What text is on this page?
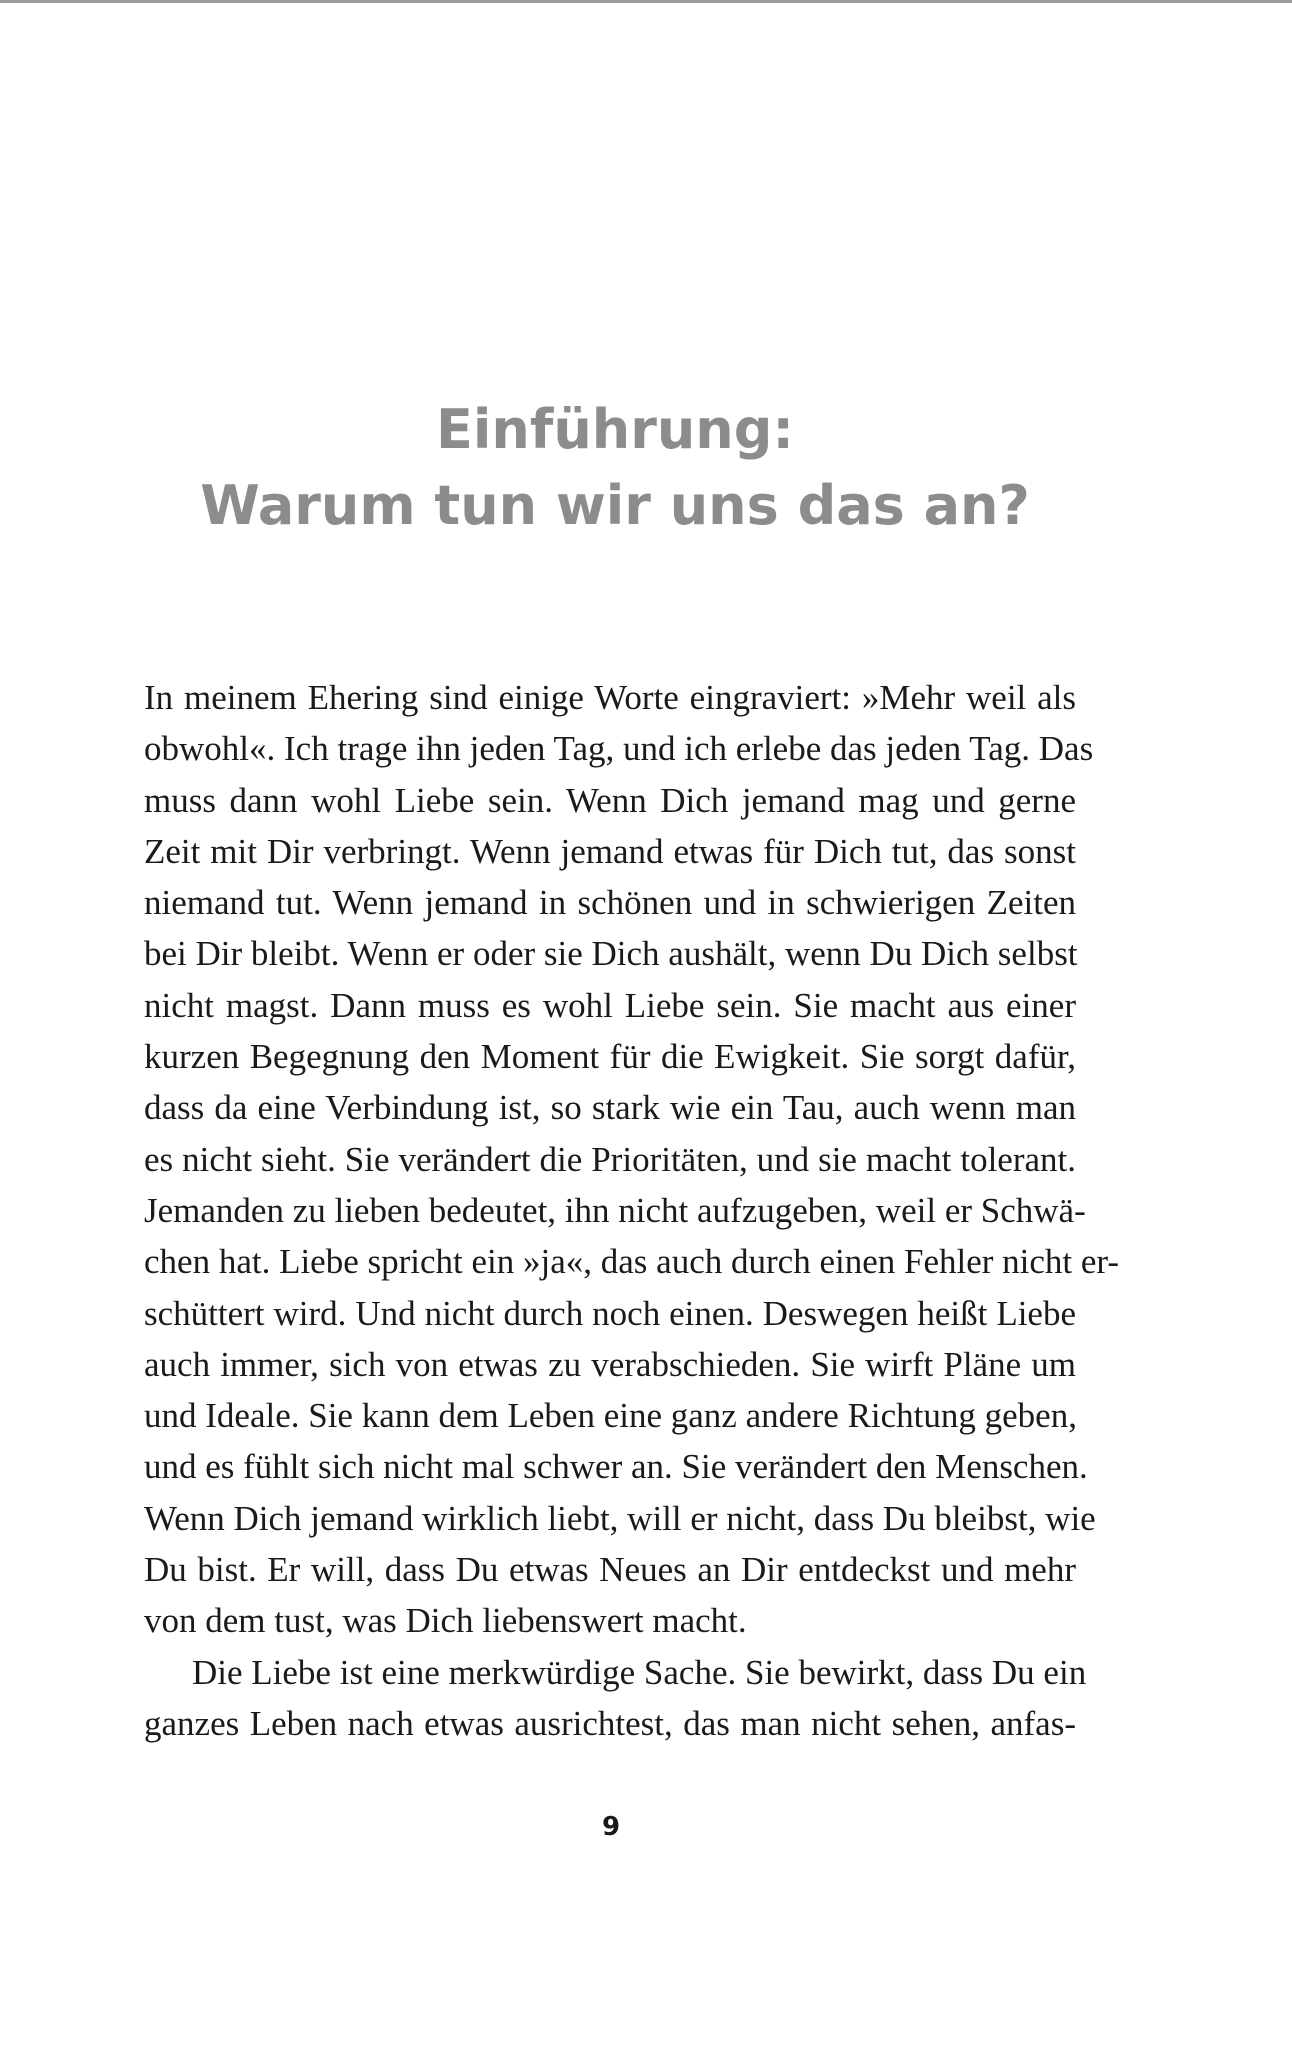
Einführung:
Warum tun wir uns das an?
In meinem Ehering sind einige Worte eingraviert: »Mehr weil als
obwohl«. Ich trage ihn jeden Tag, und ich erlebe das jeden Tag. Das
muss dann wohl Liebe sein. Wenn Dich jemand mag und gerne
Zeit mit Dir verbringt. Wenn jemand etwas für Dich tut, das sonst
niemand tut. Wenn jemand in schönen und in schwierigen Zeiten
bei Dir bleibt. Wenn er oder sie Dich aushält, wenn Du Dich selbst
nicht magst. Dann muss es wohl Liebe sein. Sie macht aus einer
kurzen Begegnung den Moment für die Ewigkeit. Sie sorgt dafür,
dass da eine Verbindung ist, so stark wie ein Tau, auch wenn man
es nicht sieht. Sie verändert die Prioritäten, und sie macht tolerant.
Jemanden zu lieben bedeutet, ihn nicht aufzugeben, weil er Schwä-
chen hat. Liebe spricht ein »ja«, das auch durch einen Fehler nicht er-
schüttert wird. Und nicht durch noch einen. Deswegen heißt Liebe
auch immer, sich von etwas zu verabschieden. Sie wirft Pläne um
und Ideale. Sie kann dem Leben eine ganz andere Richtung geben,
und es fühlt sich nicht mal schwer an. Sie verändert den Menschen.
Wenn Dich jemand wirklich liebt, will er nicht, dass Du bleibst, wie
Du bist. Er will, dass Du etwas Neues an Dir entdeckst und mehr
von dem tust, was Dich liebenswert macht.
Die Liebe ist eine merkwürdige Sache. Sie bewirkt, dass Du ein
ganzes Leben nach etwas ausrichtest, das man nicht sehen, anfas-
9
